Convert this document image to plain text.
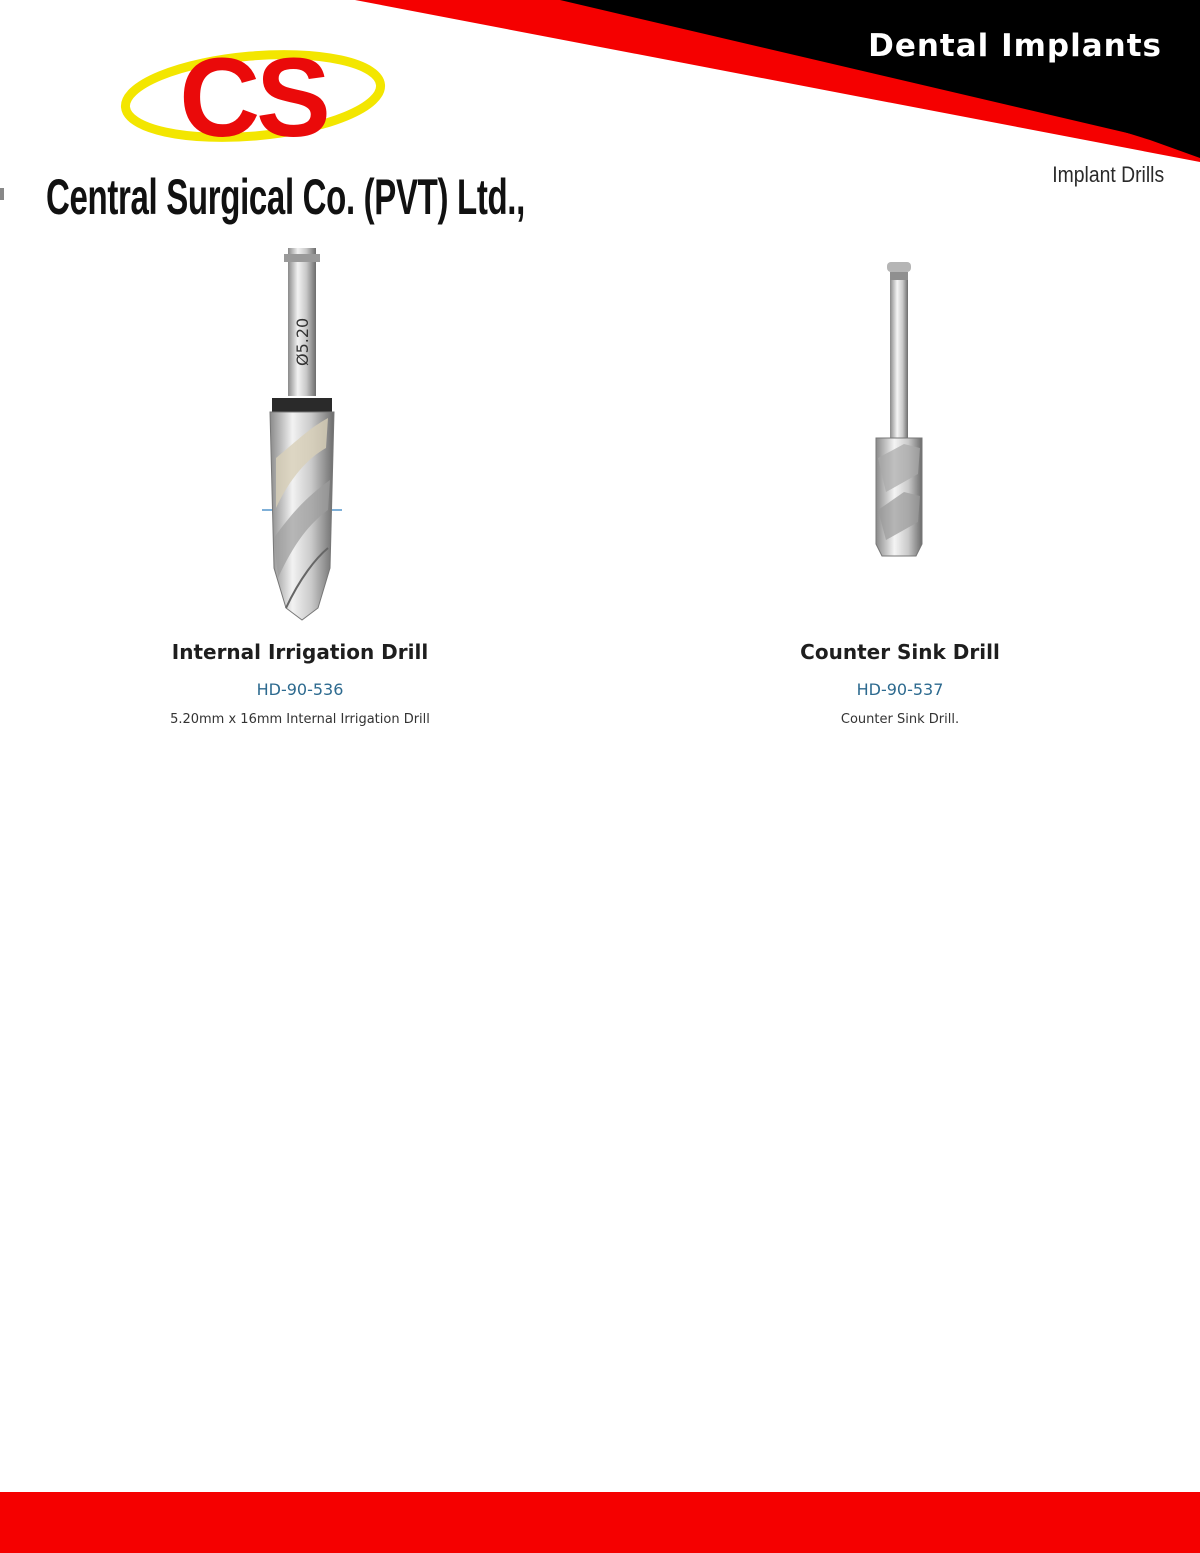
Dental Implants
Implant Drills
CS
Central Surgical Co. (PVT) Ltd.,
Ø5.20
Internal Irrigation Drill
HD-90-536
5.20mm x 16mm Internal Irrigation Drill
Counter Sink Drill
HD-90-537
Counter Sink Drill.
